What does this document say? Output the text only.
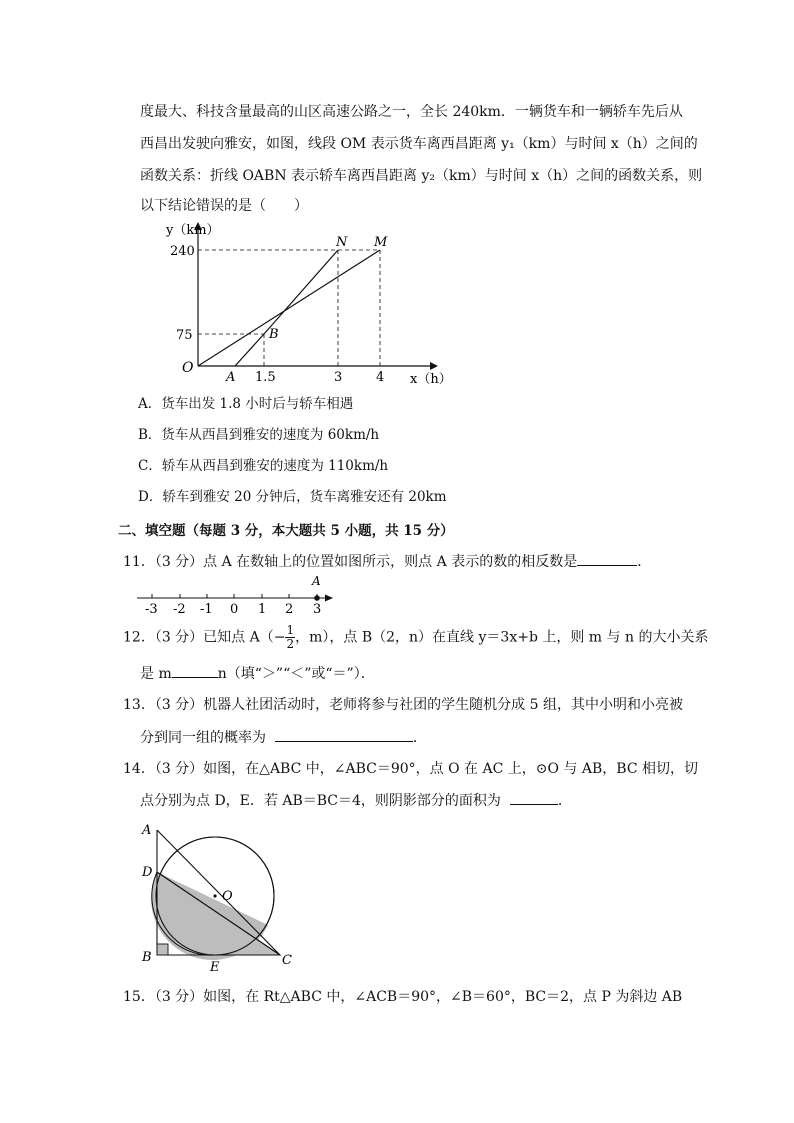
度最大、科技含量最高的山区高速公路之一，全长 240km．一辆货车和一辆轿车先后从
西昌出发驶向雅安，如图，线段 OM 表示货车离西昌距离 y₁（km）与时间 x（h）之间的
函数关系：折线 OABN 表示轿车离西昌距离 y₂（km）与时间 x（h）之间的函数关系，则
以下结论错误的是（　　）
y（km）
x（h）
O
240
75
A 1.5	3	4
N M
B
A．货车出发 1.8 小时后与轿车相遇
B．货车从西昌到雅安的速度为 60km/h
C．轿车从西昌到雅安的速度为 110km/h
D．轿车到雅安 20 分钟后，货车离雅安还有 20km
二、填空题（每题 3 分，本大题共 5 小题，共 15 分）
11．（3 分）点 A 在数轴上的位置如图所示，则点 A 表示的数的相反数是	．
A
-3 -2 -1 0 1 2 3
12．（3 分）已知点 $A(- \frac{1}{2}$ ，m），点 B（2，n）在直线 y＝3x+b 上，则 m 与 n 的大小关系
是 m	n（填“＞”“＜”或“＝”）．
13．（3 分）机器人社团活动时，老师将参与社团的学生随机分成 5 组，其中小明和小亮被
分到同一组的概率为	．
14．（3 分）如图，在△ABC 中，∠ABC＝90°，点 O 在 AC 上，⊙O 与 AB，BC 相切，切
点分别为点 D，E．若 AB＝BC＝4，则阴影部分的面积为	．
A
B	C
D
E
O
15．（3 分）如图，在 Rt△ABC 中，∠ACB＝90°，∠B＝60°，BC＝2，点 P 为斜边 AB
